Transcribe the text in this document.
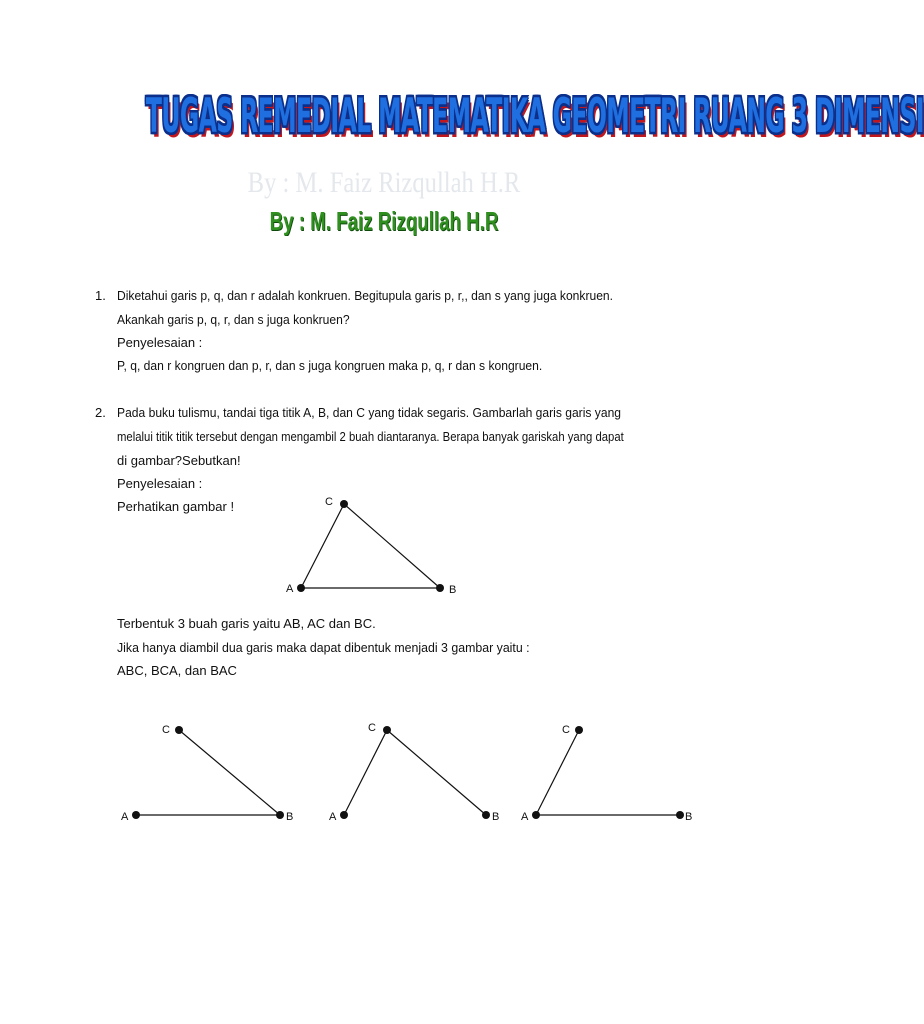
TUGAS REMEDIAL MATEMATIKA GEOMETRI RUANG 3 DIMENSI
By : M. Faiz Rizqullah H.R
By : M. Faiz Rizqullah H.R
1. Diketahui garis p, q, dan r adalah konkruen. Begitupula garis p, r,, dan s yang juga konkruen.
Akankah garis p, q, r, dan s juga konkruen?
Penyelesaian :
P, q, dan r kongruen dan p, r, dan s juga kongruen maka p, q, r dan s kongruen.
2. Pada buku tulismu, tandai tiga titik A, B, dan C yang tidak segaris. Gambarlah garis garis yang
melalui titik titik tersebut dengan mengambil 2 buah diantaranya. Berapa banyak gariskah yang dapat
di gambar?Sebutkan!
Penyelesaian :
Perhatikan gambar !
A	B
C
Terbentuk 3 buah garis yaitu AB, AC dan BC.
Jika hanya diambil dua garis maka dapat dibentuk menjadi 3 gambar yaitu :
ABC, BCA, dan BAC
A	B
C
A	B
C
A	B
C
